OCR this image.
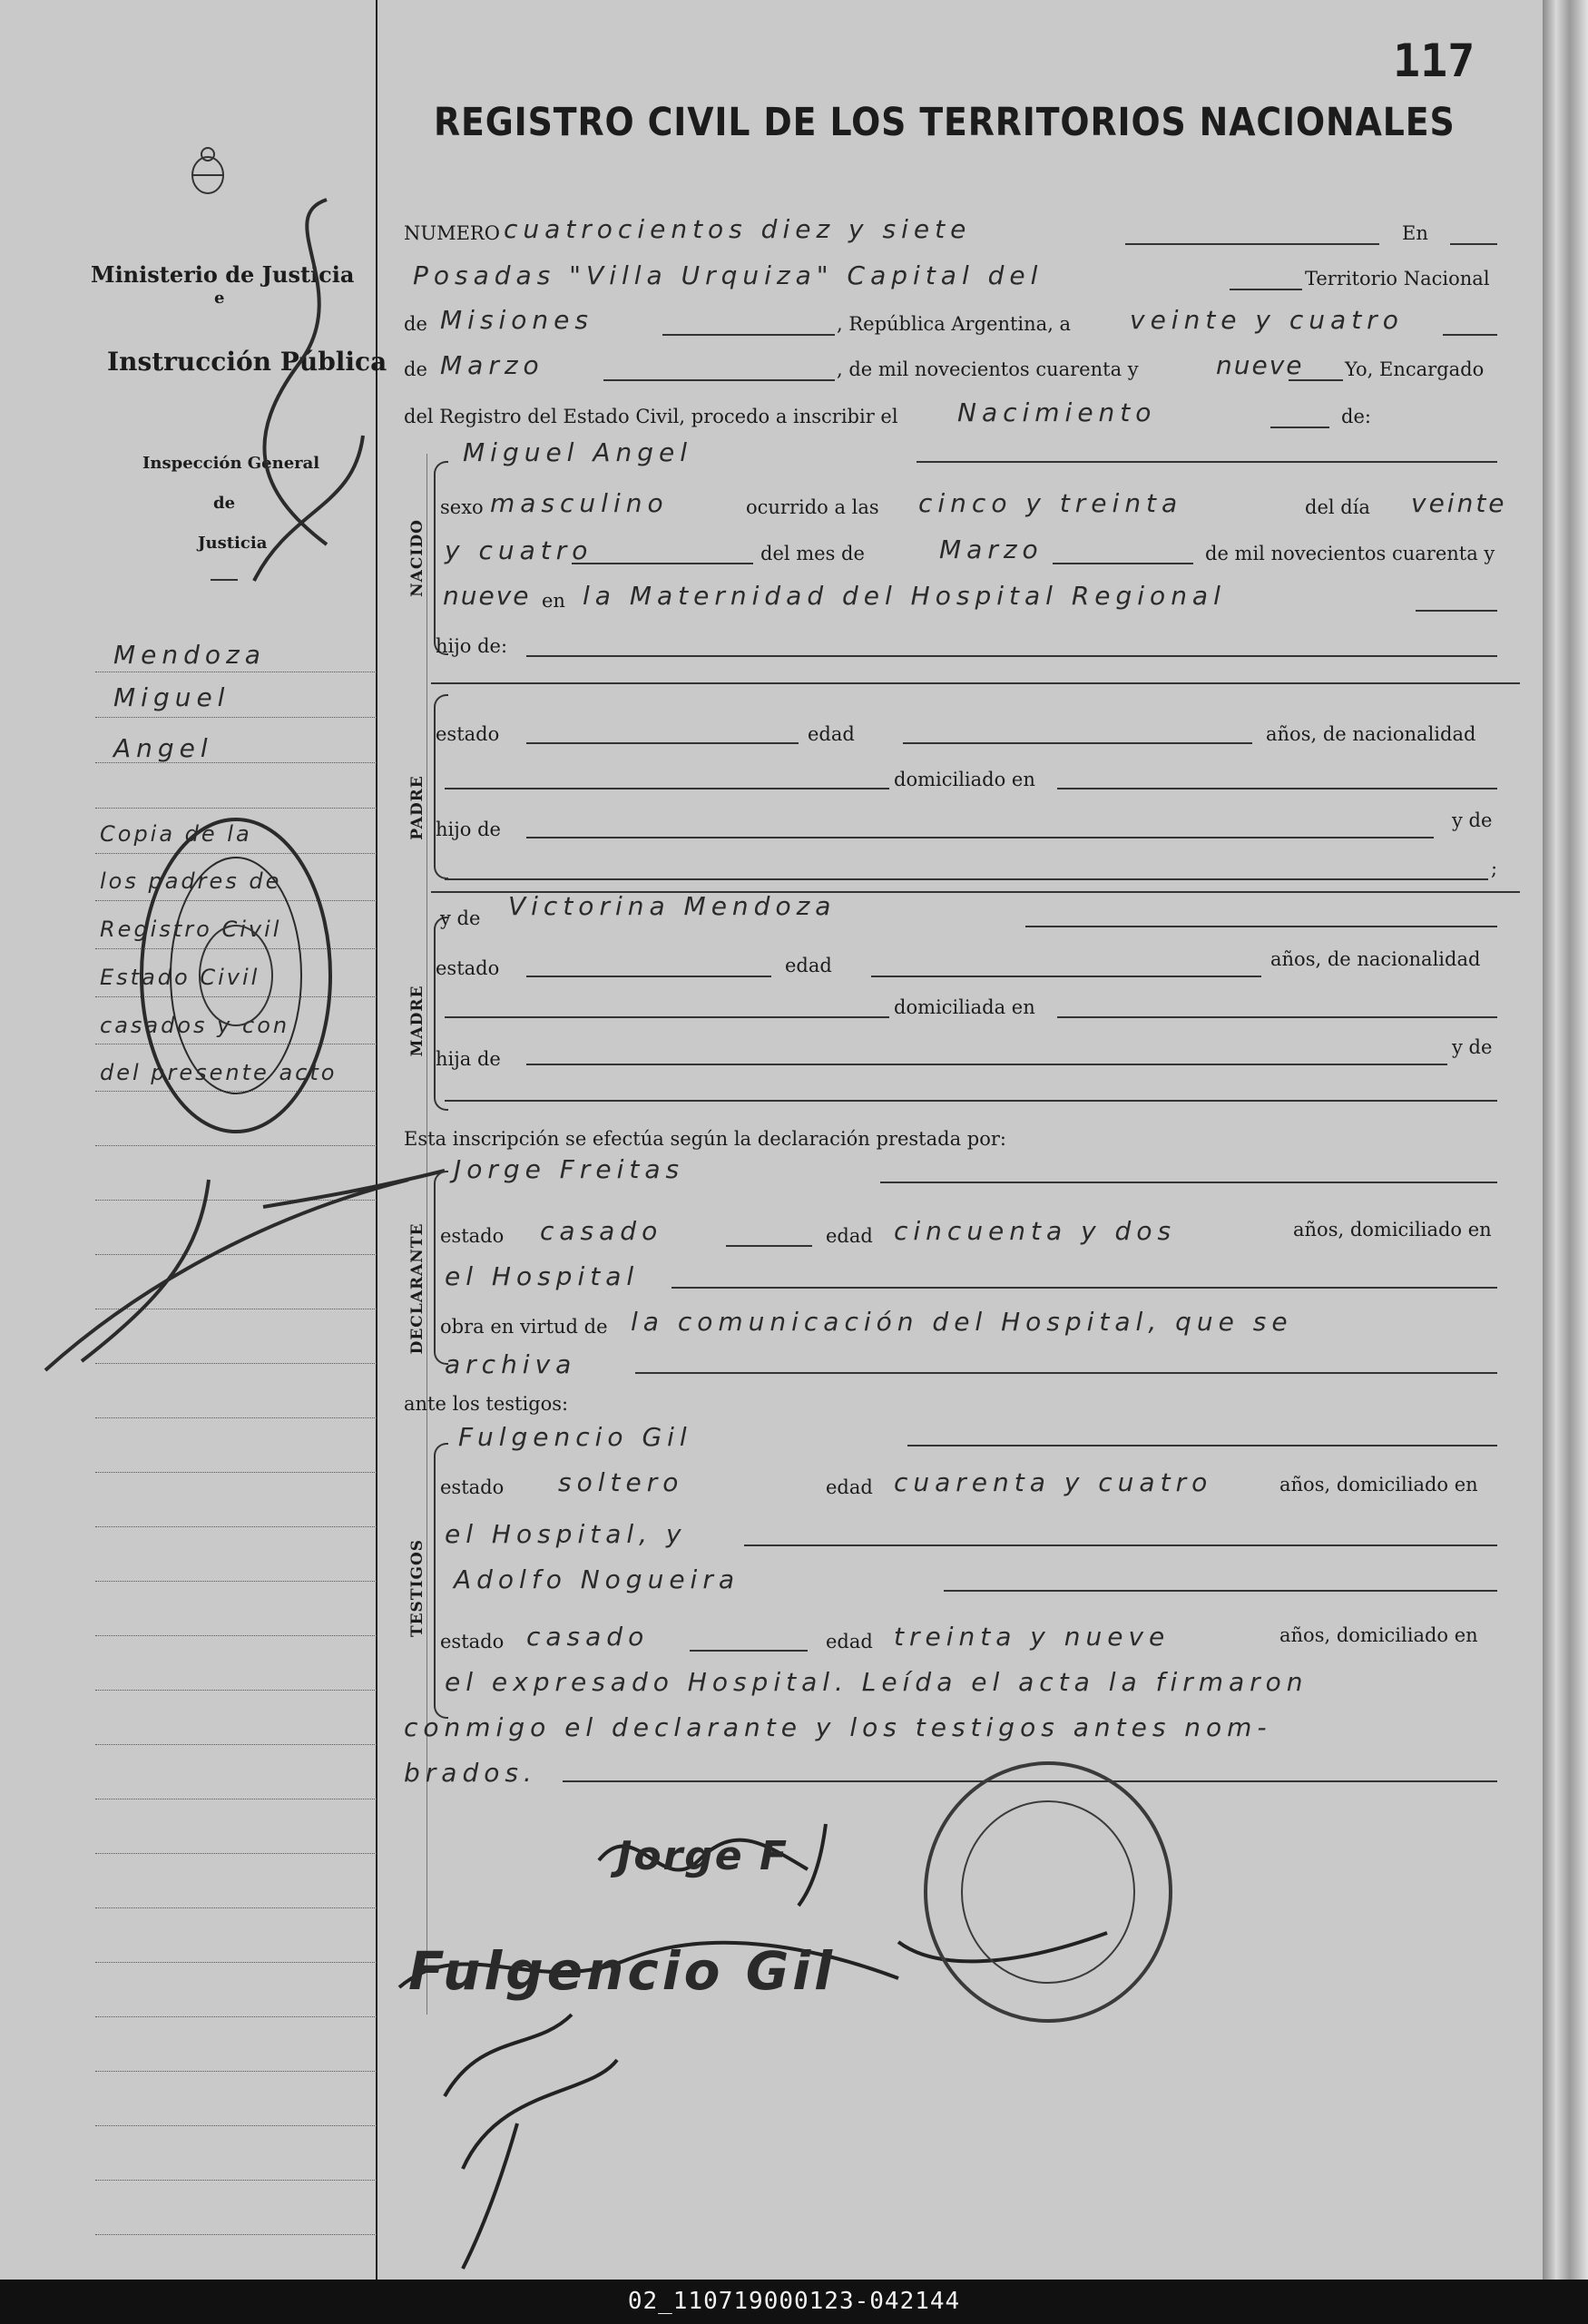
117
REGISTRO CIVIL DE LOS TERRITORIOS NACIONALES
Ministerio de Justicia
e
Instrucción Pública
Inspección General
de
Justicia
Mendoza
Miguel
Angel
Copia de la
los padres de
Registro Civil
Estado Civil
casados y con
del presente acto
NUMERO cuatrocientos diez y siete	En
Posadas "Villa Urquiza" Capital del	Territorio Nacional
de Misiones	, República Argentina, a veinte y cuatro
de Marzo	, de mil novecientos cuarenta y	nueve Yo, Encargado
del Registro del Estado Civil, procedo a inscribir el Nacimiento	de:
NACIDO
Miguel Angel
sexo masculino	ocurrido a las cinco y treinta	del día veinte
y cuatro	del mes de	Marzo	de mil novecientos cuarenta y
nueve en la Maternidad del Hospital Regional
hijo de:
PADRE
estado	edad	años, de nacionalidad
domiciliado en
hijo de	y de
;
MADRE
y de Victorina Mendoza
estado	edad	años, de nacionalidad
domiciliada en
hija de
y de
Esta inscripción se efectúa según la declaración prestada por:
DECLARANTE
Jorge Freitas
estado casado	edad cincuenta y dos	años, domiciliado en
el Hospital
obra en virtud de la comunicación del Hospital, que se
archiva
ante los testigos:
TESTIGOS
Fulgencio Gil
estado soltero	edad cuarenta y cuatro	años, domiciliado en
el Hospital, y
Adolfo Nogueira
estado casado	edad treinta y nueve	años, domiciliado en
el expresado Hospital. Leída el acta la firmaron
conmigo el declarante y los testigos antes nom-
brados.
Jorge F
Fulgencio Gil
02_110719000123-042144
